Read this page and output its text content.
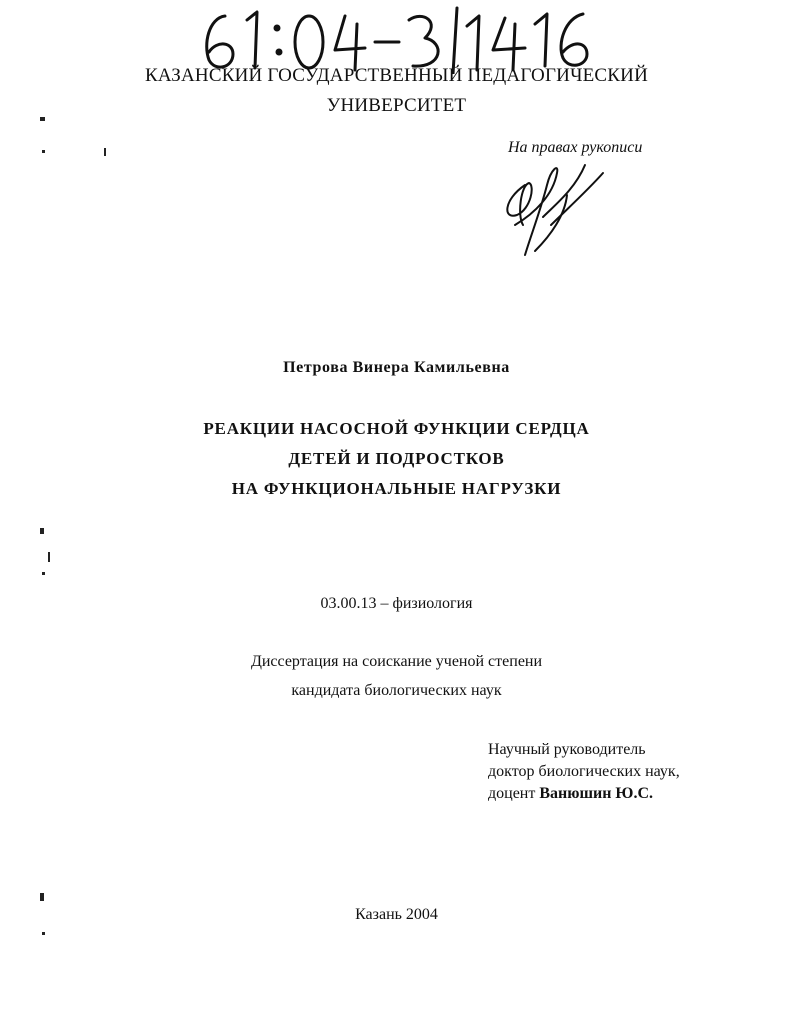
КАЗАНСКИЙ ГОСУДАРСТВЕННЫЙ ПЕДАГОГИЧЕСКИЙ
УНИВЕРСИТЕТ
На правах рукописи
Петрова Винера Камильевна
РЕАКЦИИ НАСОСНОЙ ФУНКЦИИ СЕРДЦА
ДЕТЕЙ И ПОДРОСТКОВ
НА ФУНКЦИОНАЛЬНЫЕ НАГРУЗКИ
03.00.13 – физиология
Диссертация на соискание ученой степени
кандидата биологических наук
Научный руководитель
доктор биологических наук,
доцент Ванюшин Ю.С.
Казань 2004
